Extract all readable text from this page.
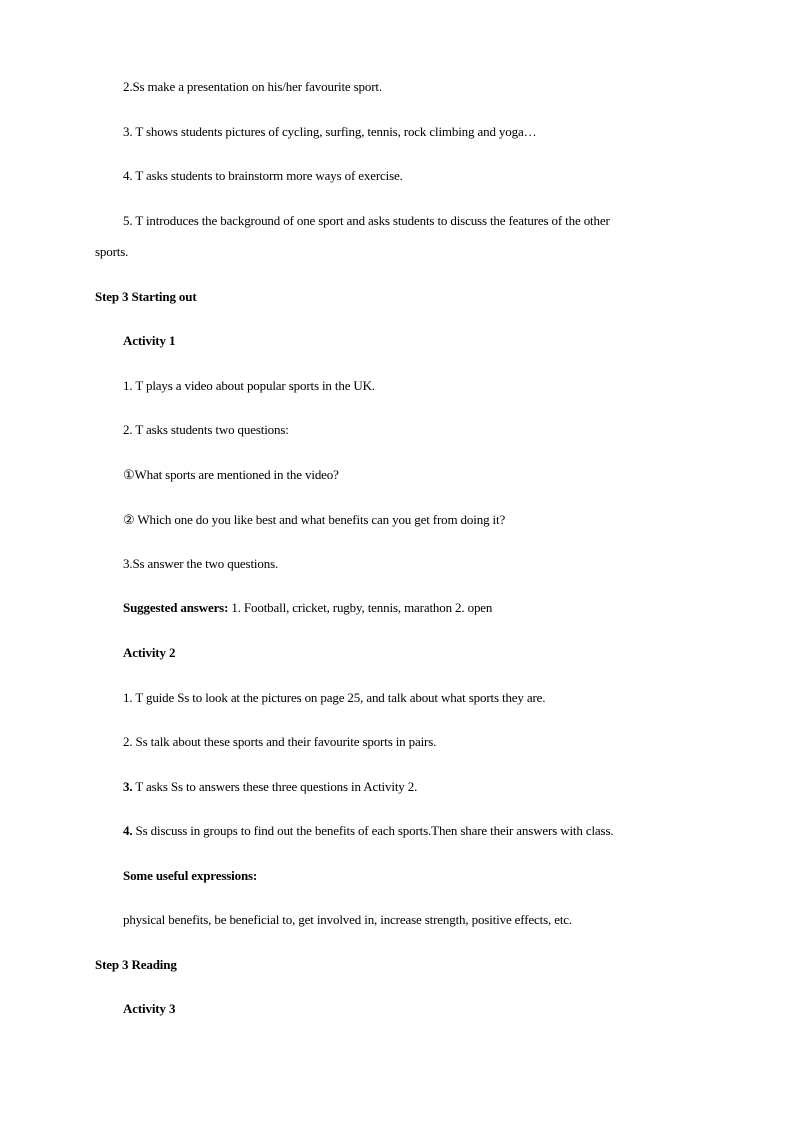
2.Ss make a presentation on his/her favourite sport.
3. T shows students pictures of cycling, surfing, tennis, rock climbing and yoga…
4. T asks students to brainstorm more ways of exercise.
5. T introduces the background of one sport and asks students to discuss the features of the other
sports.
Step 3 Starting out
Activity 1
1. T plays a video about popular sports in the UK.
2. T asks students two questions:
①What sports are mentioned in the video?
② Which one do you like best and what benefits can you get from doing it?
3.Ss answer the two questions.
Suggested answers: 1. Football, cricket, rugby, tennis, marathon 2. open
Activity 2
1. T guide Ss to look at the pictures on page 25, and talk about what sports they are.
2. Ss talk about these sports and their favourite sports in pairs.
3. T asks Ss to answers these three questions in Activity 2.
4. Ss discuss in groups to find out the benefits of each sports.Then share their answers with class.
Some useful expressions:
physical benefits, be beneficial to, get involved in, increase strength, positive effects, etc.
Step 3 Reading
Activity 3
